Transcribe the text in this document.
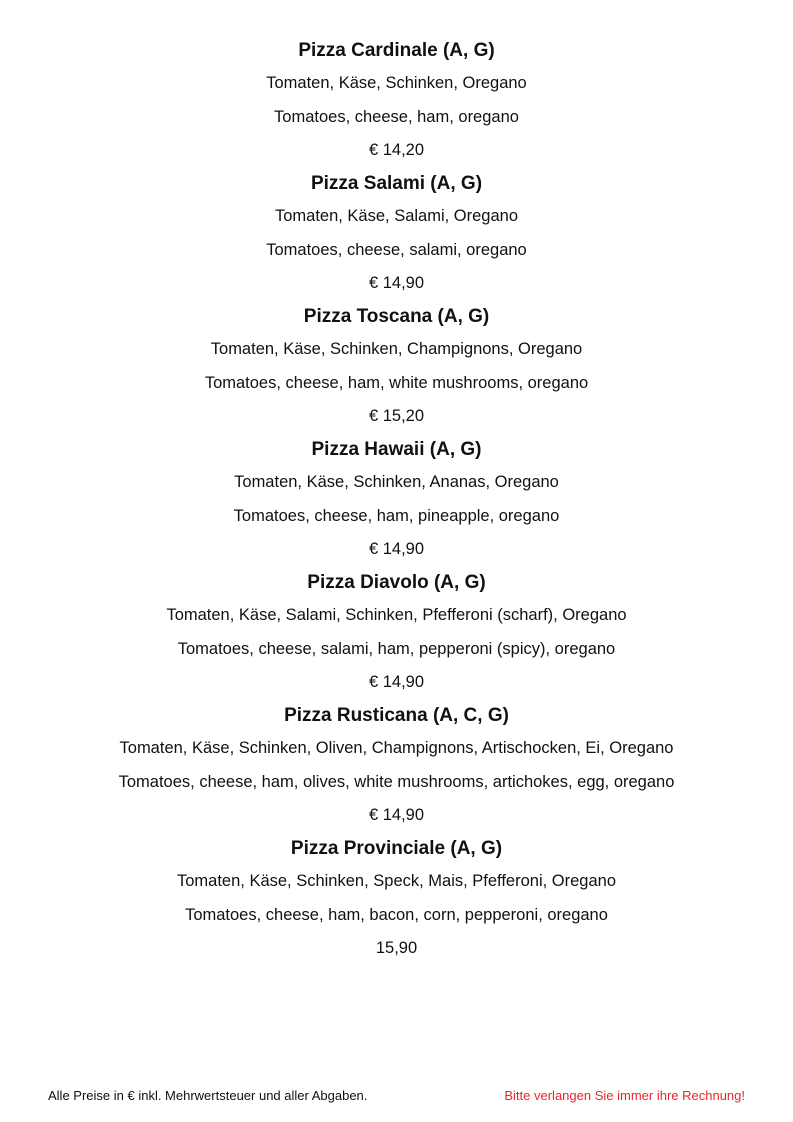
Pizza Cardinale (A, G)
Tomaten, Käse, Schinken, Oregano
Tomatoes, cheese, ham, oregano
€ 14,20
Pizza Salami (A, G)
Tomaten, Käse, Salami, Oregano
Tomatoes, cheese, salami, oregano
€ 14,90
Pizza Toscana (A, G)
Tomaten, Käse, Schinken, Champignons, Oregano
Tomatoes, cheese, ham, white mushrooms, oregano
€ 15,20
Pizza Hawaii (A, G)
Tomaten, Käse, Schinken, Ananas, Oregano
Tomatoes, cheese, ham, pineapple, oregano
€ 14,90
Pizza Diavolo (A, G)
Tomaten, Käse, Salami, Schinken, Pfefferoni (scharf), Oregano
Tomatoes, cheese, salami, ham, pepperoni (spicy), oregano
€ 14,90
Pizza Rusticana (A, C, G)
Tomaten, Käse, Schinken, Oliven, Champignons, Artischocken, Ei, Oregano
Tomatoes, cheese, ham, olives, white mushrooms, artichokes, egg, oregano
€ 14,90
Pizza Provinciale (A, G)
Tomaten, Käse, Schinken, Speck, Mais, Pfefferoni, Oregano
Tomatoes, cheese, ham, bacon, corn, pepperoni, oregano
15,90
Alle Preise in € inkl. Mehrwertsteuer und aller Abgaben.	Bitte verlangen Sie immer ihre Rechnung!
